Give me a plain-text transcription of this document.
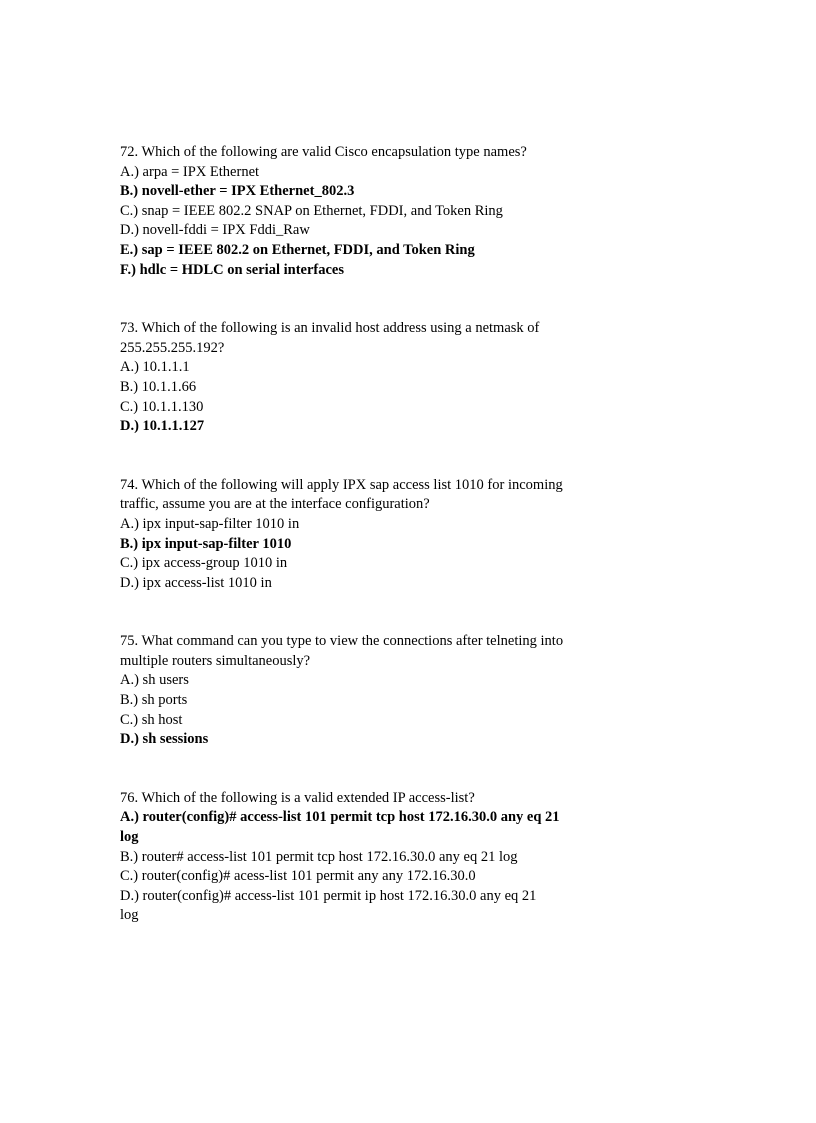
72. Which of the following are valid Cisco encapsulation type names?
A.) arpa = IPX Ethernet
B.) novell-ether = IPX Ethernet_802.3
C.) snap = IEEE 802.2 SNAP on Ethernet, FDDI, and Token Ring
D.) novell-fddi = IPX Fddi_Raw
E.) sap = IEEE 802.2 on Ethernet, FDDI, and Token Ring
F.) hdlc = HDLC on serial interfaces
73. Which of the following is an invalid host address using a netmask of
255.255.255.192?
A.) 10.1.1.1
B.) 10.1.1.66
C.) 10.1.1.130
D.) 10.1.1.127
74. Which of the following will apply IPX sap access list 1010 for incoming
traffic, assume you are at the interface configuration?
A.) ipx input-sap-filter 1010 in
B.) ipx input-sap-filter 1010
C.) ipx access-group 1010 in
D.) ipx access-list 1010 in
75. What command can you type to view the connections after telneting into
multiple routers simultaneously?
A.) sh users
B.) sh ports
C.) sh host
D.) sh sessions
76. Which of the following is a valid extended IP access-list?
A.) router(config)# access-list 101 permit tcp host 172.16.30.0 any eq 21
log
B.) router# access-list 101 permit tcp host 172.16.30.0 any eq 21 log
C.) router(config)# acess-list 101 permit any any 172.16.30.0
D.) router(config)# access-list 101 permit ip host 172.16.30.0 any eq 21
log
